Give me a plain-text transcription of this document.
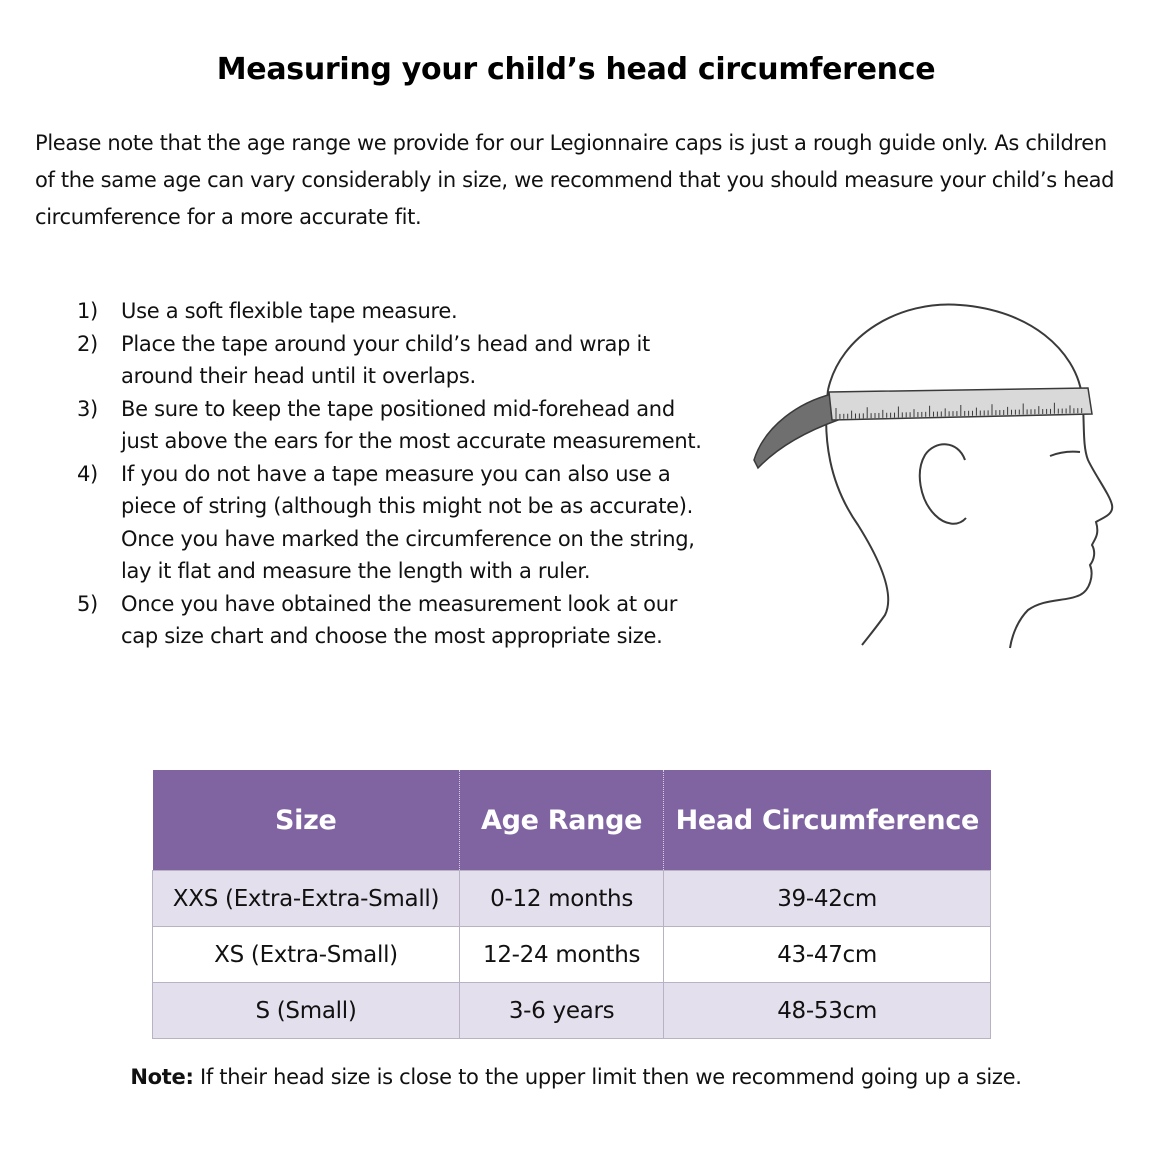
Measuring your child’s head circumference

Please note that the age range we provide for our Legionnaire caps is just a rough guide only. As children of the same age can vary considerably in size, we recommend that you should measure your child’s head circumference for a more accurate fit.

1) Use a soft flexible tape measure.
2) Place the tape around your child’s head and wrap it around their head until it overlaps.
3) Be sure to keep the tape positioned mid-forehead and just above the ears for the most accurate measurement.
4) If you do not have a tape measure you can also use a piece of string (although this might not be as accurate). Once you have marked the circumference on the string, lay it flat and measure the length with a ruler.
5) Once you have obtained the measurement look at our cap size chart and choose the most appropriate size.
Size	Age Range	Head Circumference
XXS (Extra-Extra-Small)	0-12 months	39-42cm
XS (Extra-Small)	12-24 months	43-47cm
S (Small)	3-6 years	48-53cm

Note: If their head size is close to the upper limit then we recommend going up a size.
